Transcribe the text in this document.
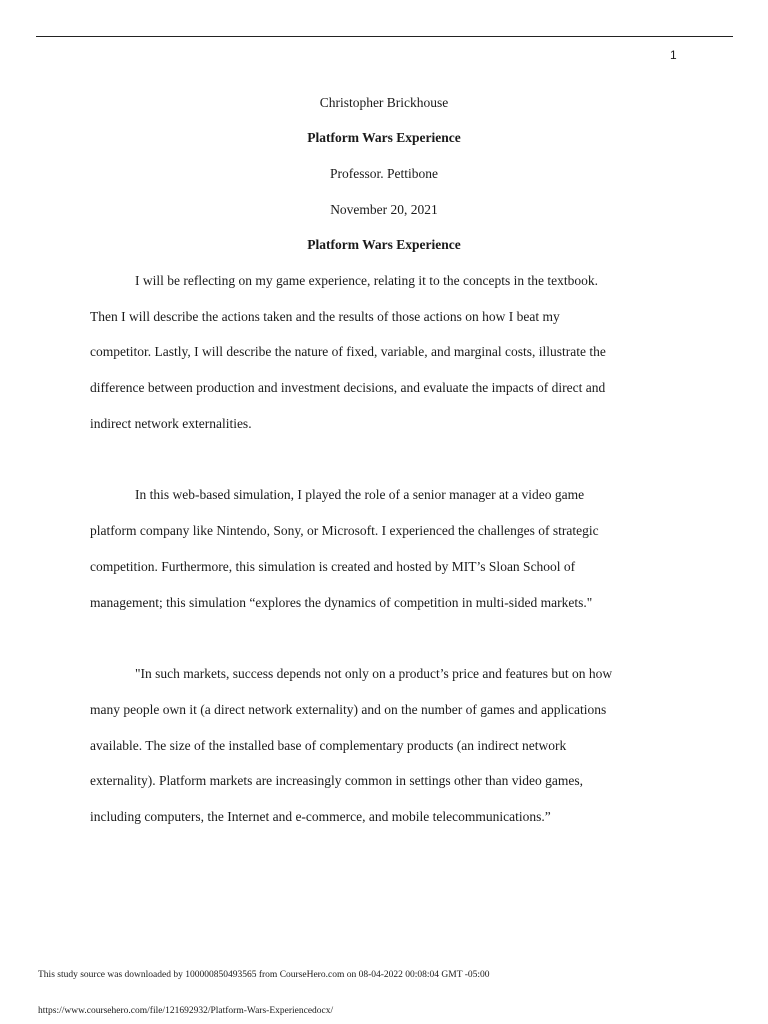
1
Christopher Brickhouse
Platform Wars Experience
Professor. Pettibone
November 20, 2021
Platform Wars Experience
I will be reflecting on my game experience, relating it to the concepts in the textbook.
Then I will describe the actions taken and the results of those actions on how I beat my
competitor. Lastly, I will describe the nature of fixed, variable, and marginal costs, illustrate the
difference between production and investment decisions, and evaluate the impacts of direct and
indirect network externalities.
In this web-based simulation, I played the role of a senior manager at a video game
platform company like Nintendo, Sony, or Microsoft. I experienced the challenges of strategic
competition. Furthermore, this simulation is created and hosted by MIT’s Sloan School of
management; this simulation “explores the dynamics of competition in multi-sided markets."
"In such markets, success depends not only on a product’s price and features but on how
many people own it (a direct network externality) and on the number of games and applications
available. The size of the installed base of complementary products (an indirect network
externality). Platform markets are increasingly common in settings other than video games,
including computers, the Internet and e-commerce, and mobile telecommunications.”
This study source was downloaded by 100000850493565 from CourseHero.com on 08-04-2022 00:08:04 GMT -05:00
https://www.coursehero.com/file/121692932/Platform-Wars-Experiencedocx/
